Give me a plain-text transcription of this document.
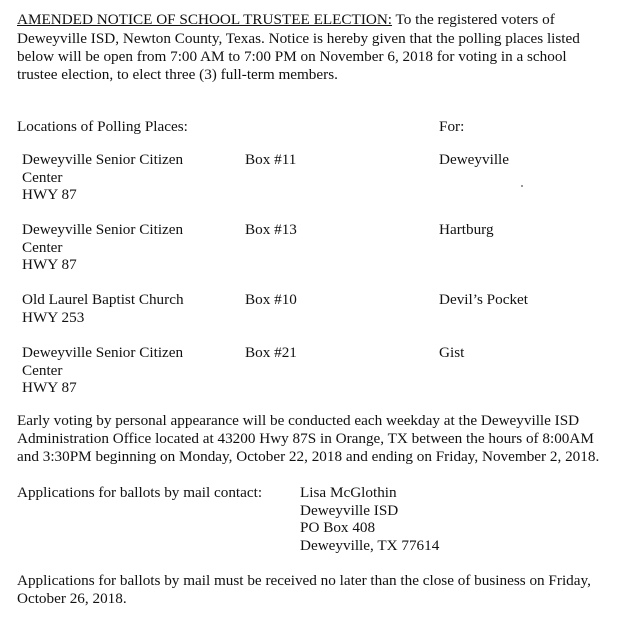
AMENDED NOTICE OF SCHOOL TRUSTEE ELECTION: To the registered voters of
Deweyville ISD, Newton County, Texas. Notice is hereby given that the polling places listed
below will be open from 7:00 AM to 7:00 PM on November 6, 2018 for voting in a school
trustee election, to elect three (3) full-term members.
Locations of Polling Places:	For:
Deweyville Senior Citizen
Center
HWY 87
Box #11	Deweyville
Deweyville Senior Citizen
Center
HWY 87
Box #13	Hartburg
Old Laurel Baptist Church
HWY 253
Box #10	Devil’s Pocket
Deweyville Senior Citizen
Center
HWY 87
Box #21	Gist
Early voting by personal appearance will be conducted each weekday at the Deweyville ISD
Administration Office located at 43200 Hwy 87S in Orange, TX between the hours of 8:00AM
and 3:30PM beginning on Monday, October 22, 2018 and ending on Friday, November 2, 2018.
Applications for ballots by mail contact: Lisa McGlothin
Deweyville ISD
PO Box 408
Deweyville, TX 77614
Applications for ballots by mail must be received no later than the close of business on Friday,
October 26, 2018.
